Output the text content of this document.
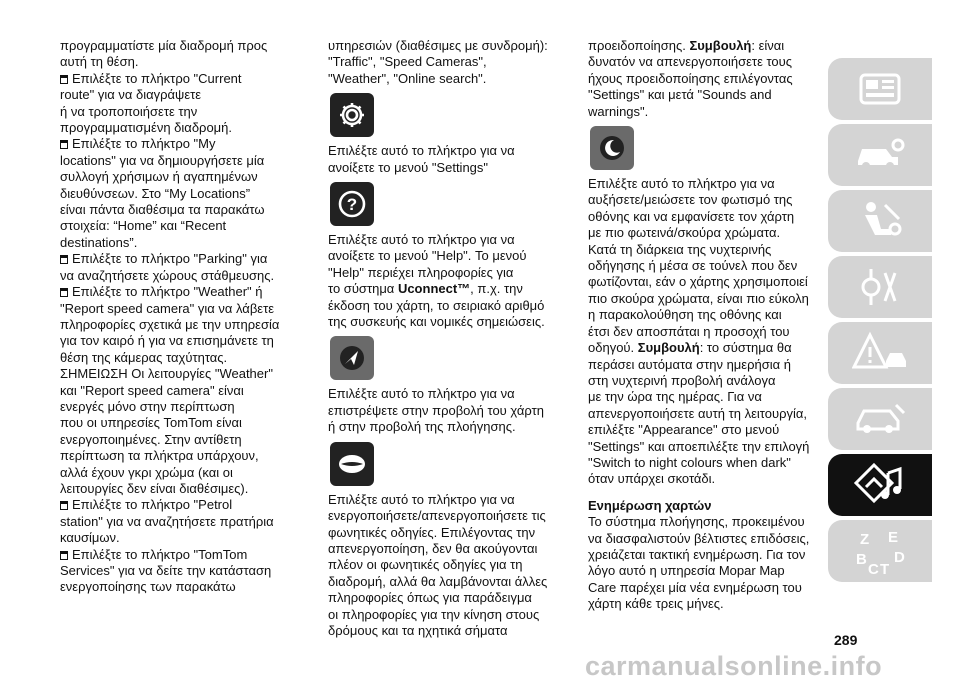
προγραμματίστε μία διαδρομή προς
αυτή τη θέση.

Επιλέξτε το πλήκτρο "Current
route" για να διαγράψετε
ή να τροποποιήσετε την
προγραμματισμένη διαδρομή.

Επιλέξτε το πλήκτρο "My
locations" για να δημιουργήσετε μία
συλλογή χρήσιμων ή αγαπημένων
διευθύνσεων. Στο “My Locations”
είναι πάντα διαθέσιμα τα παρακάτω
στοιχεία: “Home” και “Recent
destinations”.

Επιλέξτε το πλήκτρο "Parking" για
να αναζητήσετε χώρους στάθμευσης.

Επιλέξτε το πλήκτρο "Weather" ή
"Report speed camera" για να λάβετε
πληροφορίες σχετικά με την υπηρεσία
για τον καιρό ή για να επισημάνετε τη
θέση της κάμερας ταχύτητας.

ΣΗΜΕΙΩΣΗ Οι λειτουργίες "Weather"
και "Report speed camera" είναι
ενεργές μόνο στην περίπτωση
που οι υπηρεσίες TomTom είναι
ενεργοποιημένες. Στην αντίθετη
περίπτωση τα πλήκτρα υπάρχουν,
αλλά έχουν γκρι χρώμα (και οι
λειτουργίες δεν είναι διαθέσιμες).

Επιλέξτε το πλήκτρο "Petrol
station" για να αναζητήσετε πρατήρια
καυσίμων.

Επιλέξτε το πλήκτρο "TomTom
Services" για να δείτε την κατάσταση
ενεργοποίησης των παρακάτω

υπηρεσιών (διαθέσιμες με συνδρομή):
"Traffic", "Speed Cameras",
"Weather", "Online search".

Επιλέξτε αυτό το πλήκτρο για να
ανοίξετε το μενού "Settings"

?

Επιλέξτε αυτό το πλήκτρο για να
ανοίξετε το μενού "Help". Το μενού
"Help" περιέχει πληροφορίες για
το σύστημα Uconnect™, π.χ. την
έκδοση του χάρτη, το σειριακό αριθμό
της συσκευής και νομικές σημειώσεις.

Επιλέξτε αυτό το πλήκτρο για να
επιστρέψετε στην προβολή του χάρτη
ή στην προβολή της πλοήγησης.

Επιλέξτε αυτό το πλήκτρο για να
ενεργοποιήσετε/απενεργοποιήσετε τις
φωνητικές οδηγίες. Επιλέγοντας την
απενεργοποίηση, δεν θα ακούγονται
πλέον οι φωνητικές οδηγίες για τη
διαδρομή, αλλά θα λαμβάνονται άλλες
πληροφορίες όπως για παράδειγμα
οι πληροφορίες για την κίνηση στους
δρόμους και τα ηχητικά σήματα

προειδοποίησης. Συμβουλή: είναι
δυνατόν να απενεργοποιήσετε τους
ήχους προειδοποίησης επιλέγοντας
"Settings" και μετά "Sounds and
warnings".

Επιλέξτε αυτό το πλήκτρο για να
αυξήσετε/μειώσετε τον φωτισμό της
οθόνης και να εμφανίσετε τον χάρτη
με πιο φωτεινά/σκούρα χρώματα.
Κατά τη διάρκεια της νυχτερινής
οδήγησης ή μέσα σε τούνελ που δεν
φωτίζονται, εάν ο χάρτης χρησιμοποιεί
πιο σκούρα χρώματα, είναι πιο εύκολη
η παρακολούθηση της οθόνης και
έτσι δεν αποσπάται η προσοχή του
οδηγού. Συμβουλή: το σύστημα θα
περάσει αυτόματα στην ημερήσια ή
στη νυχτερινή προβολή ανάλογα
με την ώρα της ημέρας. Για να
απενεργοποιήσετε αυτή τη λειτουργία,
επιλέξτε "Appearance" στο μενού
"Settings" και αποεπιλέξτε την επιλογή
"Switch to night colours when dark"
όταν υπάρχει σκοτάδι.

Ενημέρωση χαρτών

Το σύστημα πλοήγησης, προκειμένου
να διασφαλιστούν βέλτιστες επιδόσεις,
χρειάζεται τακτική ενημέρωση. Για τον
λόγο αυτό η υπηρεσία Mopar Map
Care παρέχει μία νέα ενημέρωση του
χάρτη κάθε τρεις μήνες.

Z E
B D
C T
289
carmanualsonline.info
